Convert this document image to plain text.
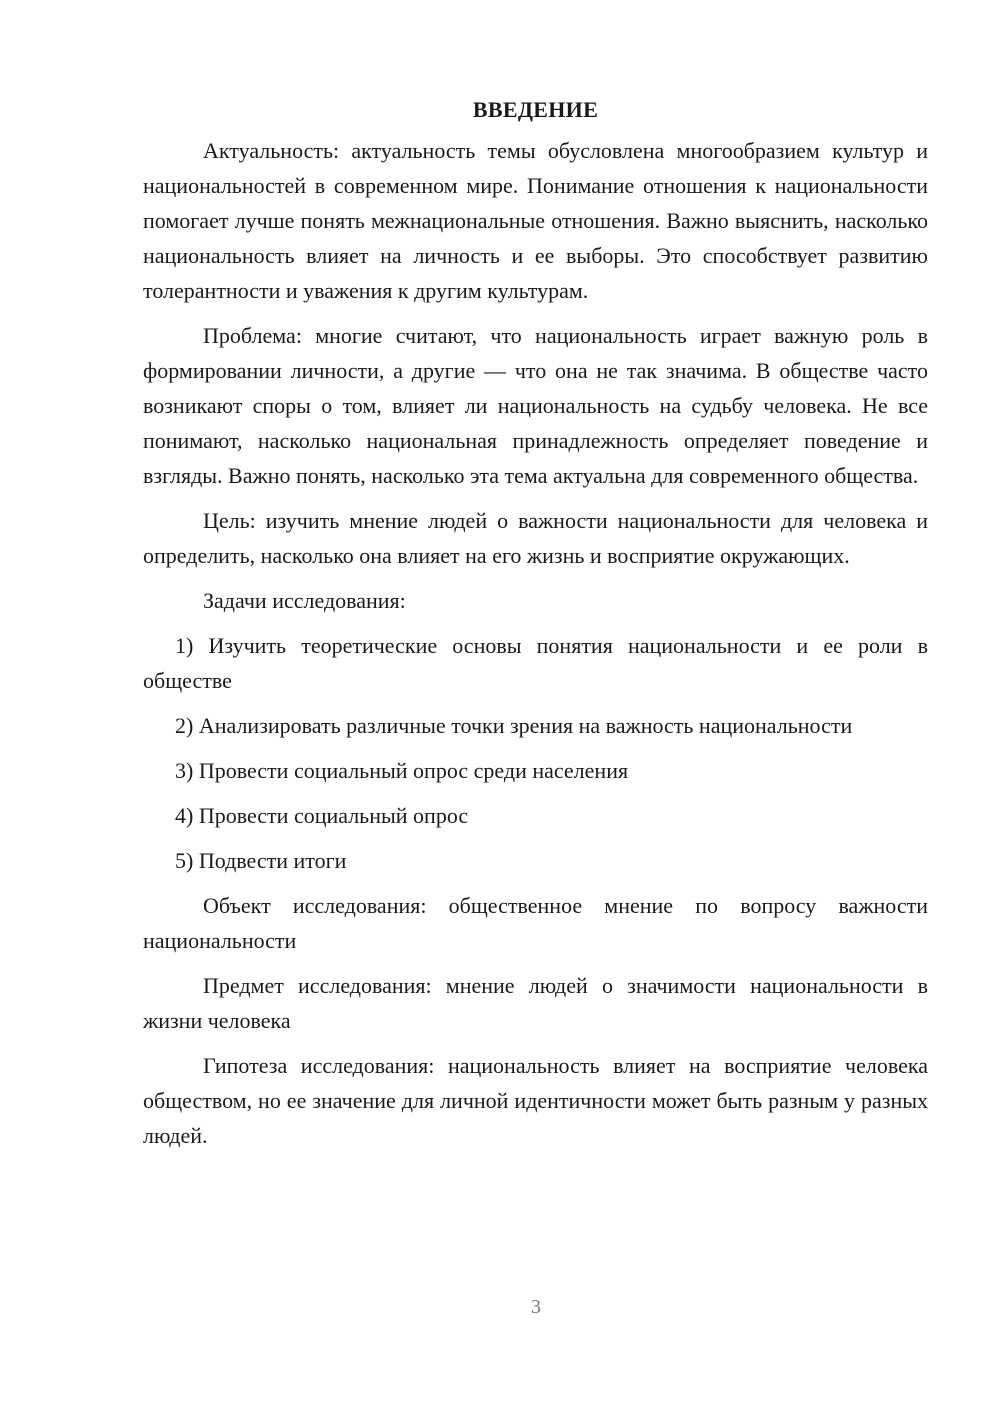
ВВЕДЕНИЕ

Актуальность: актуальность темы обусловлена многообразием культур и национальностей в современном мире. Понимание отношения к национальности помогает лучше понять межнациональные отношения. Важно выяснить, насколько национальность влияет на личность и ее выборы. Это способствует развитию толерантности и уважения к другим культурам.

Проблема: многие считают, что национальность играет важную роль в формировании личности, а другие — что она не так значима. В обществе часто возникают споры о том, влияет ли национальность на судьбу человека. Не все понимают, насколько национальная принадлежность определяет поведение и взгляды. Важно понять, насколько эта тема актуальна для современного общества.

Цель: изучить мнение людей о важности национальности для человека и определить, насколько она влияет на его жизнь и восприятие окружающих.

Задачи исследования:

1) Изучить теоретические основы понятия национальности и ее роли в обществе

2) Анализировать различные точки зрения на важность национальности

3) Провести социальный опрос среди населения

4) Провести социальный опрос

5) Подвести итоги

Объект исследования: общественное мнение по вопросу важности национальности

Предмет исследования: мнение людей о значимости национальности в жизни человека

Гипотеза исследования: национальность влияет на восприятие человека обществом, но ее значение для личной идентичности может быть разным у разных людей.

3
